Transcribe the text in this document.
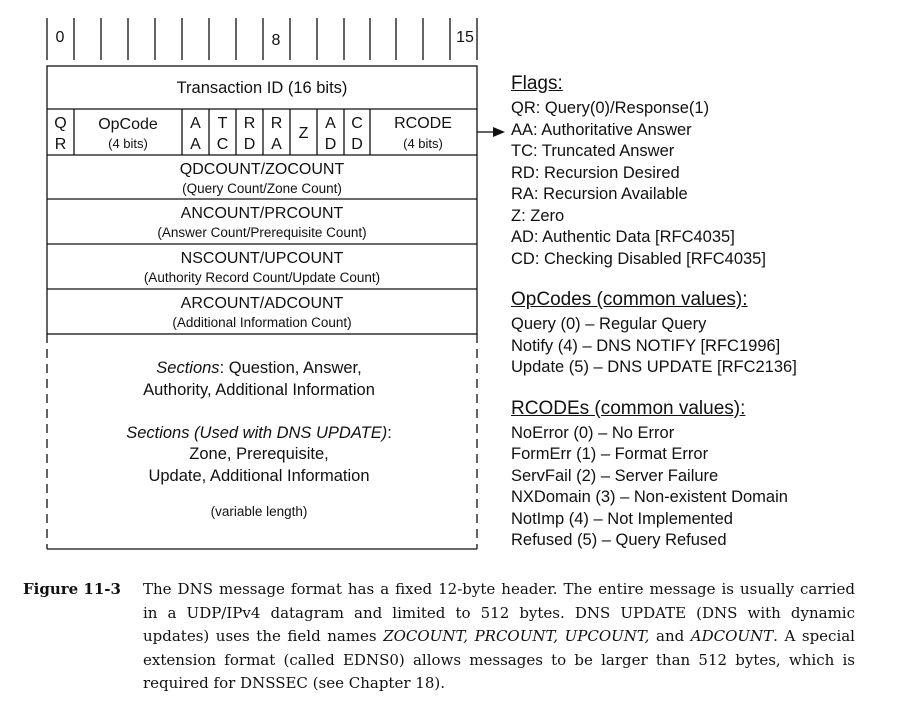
0	8	15
Transaction ID (16 bits)
Q
R
OpCode
(4 bits)
A
A
T
C
R
D
R
A
Z
A
D
C
D
RCODE
(4 bits)
QDCOUNT/ZOCOUNT
(Query Count/Zone Count)
ANCOUNT/PRCOUNT
(Answer Count/Prerequisite Count)
NSCOUNT/UPCOUNT
(Authority Record Count/Update Count)
ARCOUNT/ADCOUNT
(Additional Information Count)
Sections: Question, Answer,
Authority, Additional Information
Sections (Used with DNS UPDATE):
Zone, Prerequisite,
Update, Additional Information
(variable length)
Flags:
QR: Query(0)/Response(1)
AA: Authoritative Answer
TC: Truncated Answer
RD: Recursion Desired
RA: Recursion Available
Z: Zero
AD: Authentic Data [RFC4035]
CD: Checking Disabled [RFC4035]
OpCodes (common values):
Query (0) – Regular Query
Notify (4) – DNS NOTIFY [RFC1996]
Update (5) – DNS UPDATE [RFC2136]
RCODEs (common values):
NoError (0) – No Error
FormErr (1) – Format Error
ServFail (2) – Server Failure
NXDomain (3) – Non-existent Domain
NotImp (4) – Not Implemented
Refused (5) – Query Refused
Figure 11-3 The DNS message format has a fixed 12-byte header. The entire message is usually carried in a UDP/IPv4 datagram and limited to 512 bytes. DNS UPDATE (DNS with dynamic updates) uses the field names ZOCOUNT, PRCOUNT, UPCOUNT, and ADCOUNT. A special extension format (called EDNS0) allows messages to be larger than 512 bytes, which is required for DNSSEC (see Chapter 18).
